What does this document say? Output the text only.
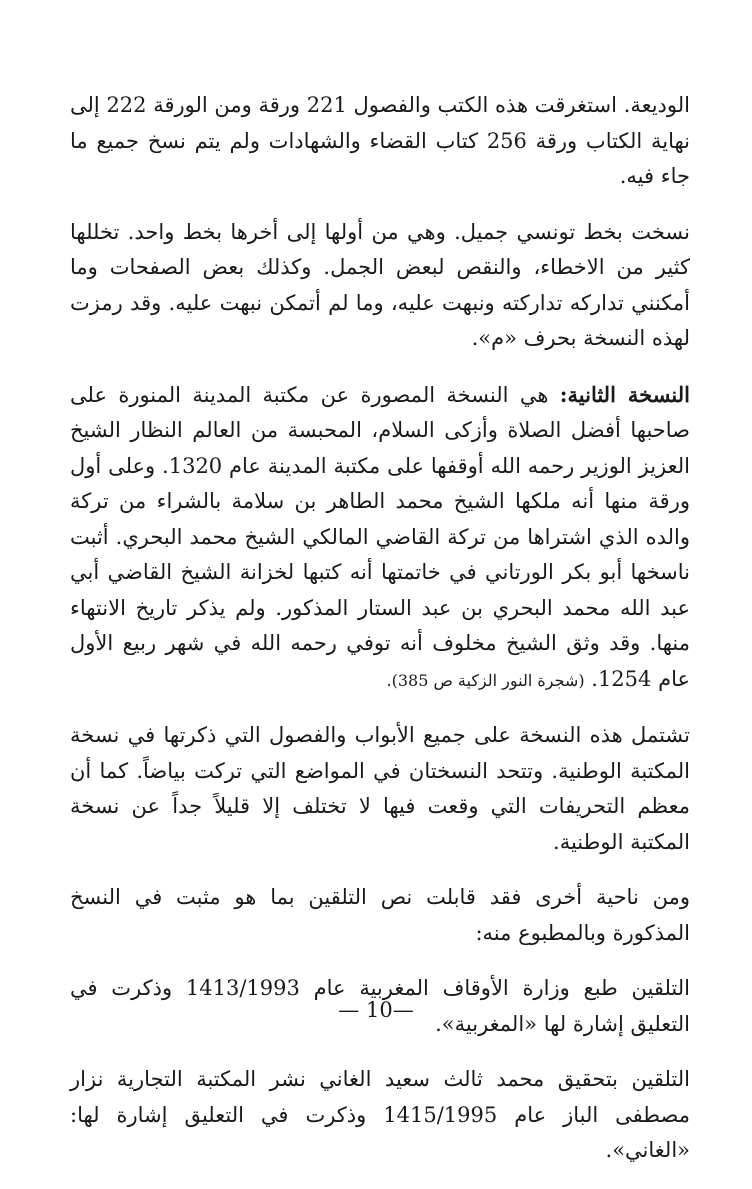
الوديعة. استغرقت هذه الكتب والفصول 221 ورقة ومن الورقة 222 إلى نهاية الكتاب ورقة 256 كتاب القضاء والشهادات ولم يتم نسخ جميع ما جاء فيه.

نسخت بخط تونسي جميل. وهي من أولها إلى أخرها بخط واحد. تخللها كثير من الاخطاء، والنقص لبعض الجمل. وكذلك بعض الصفحات وما أمكنني تداركه تداركته ونبهت عليه، وما لم أتمكن نبهت عليه. وقد رمزت لهذه النسخة بحرف «م».

النسخة الثانية: هي النسخة المصورة عن مكتبة المدينة المنورة على صاحبها أفضل الصلاة وأزكى السلام، المحبسة من العالم النظار الشيخ العزيز الوزير رحمه الله أوقفها على مكتبة المدينة عام 1320. وعلى أول ورقة منها أنه ملكها الشيخ محمد الطاهر بن سلامة بالشراء من تركة والده الذي اشتراها من تركة القاضي المالكي الشيخ محمد البحري. أثبت ناسخها أبو بكر الورتاني في خاتمتها أنه كتبها لخزانة الشيخ القاضي أبي عبد الله محمد البحري بن عبد الستار المذكور. ولم يذكر تاريخ الانتهاء منها. وقد وثق الشيخ مخلوف أنه توفي رحمه الله في شهر ربيع الأول عام 1254. (شجرة النور الزكية ص 385).

تشتمل هذه النسخة على جميع الأبواب والفصول التي ذكرتها في نسخة المكتبة الوطنية. وتتحد النسختان في المواضع التي تركت بياضاً. كما أن معظم التحريفات التي وقعت فيها لا تختلف إلا قليلاً جداً عن نسخة المكتبة الوطنية.

ومن ناحية أخرى فقد قابلت نص التلقين بما هو مثبت في النسخ المذكورة وبالمطبوع منه:

التلقين طبع وزارة الأوقاف المغربية عام 1413/1993 وذكرت في التعليق إشارة لها «المغربية».

التلقين بتحقيق محمد ثالث سعيد الغاني نشر المكتبة التجارية نزار مصطفى الباز عام 1415/1995 وذكرت في التعليق إشارة لها: «الغاني».

— 10—
